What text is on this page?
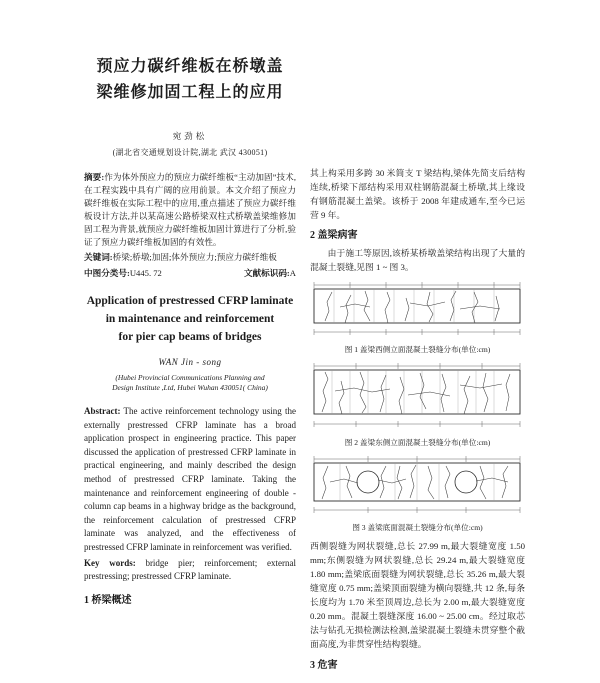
预应力碳纤维板在桥墩盖
梁维修加固工程上的应用
宛劲松
(湖北省交通规划设计院,湖北 武汉 430051)

摘要:作为体外预应力的预应力碳纤维板“主动加固”技术,在工程实践中具有广阔的应用前景。本文介绍了预应力碳纤维板在实际工程中的应用,重点描述了预应力碳纤维板设计方法,并以某高速公路桥梁双柱式桥墩盖梁维修加固工程为背景,就预应力碳纤维板加固计算进行了分析,验证了预应力碳纤维板加固的有效性。

关键词:桥梁;桥墩;加固;体外预应力;预应力碳纤维板

中图分类号:U445. 72	文献标识码:A
Application of prestressed CFRP laminate
in maintenance and reinforcement
for pier cap beams of bridges
WAN Jin - song
(Hubei Provincial Communications Planning and
Design Institute ,Ltd, Hubei Wuhan 430051( China)

Abstract: The active reinforcement technology using the externally prestressed CFRP laminate has a broad application prospect in engineering practice. This paper discussed the application of prestressed CFRP laminate in practical engineering, and mainly described the design method of prestressed CFRP laminate. Taking the maintenance and reinforcement engineering of double - column cap beams in a highway bridge as the background, the reinforcement calculation of prestressed CFRP laminate was analyzed, and the effectiveness of prestressed CFRP laminate in reinforcement was verified.

Key words: bridge pier; reinforcement; external prestressing; prestressed CFRP laminate.

1 桥梁概述

其上构采用多跨 30 米简支 T 梁结构,梁体先简支后结构连续,桥梁下部结构采用双柱钢筋混凝土桥墩,其上缘设有钢筋混凝土盖梁。该桥于 2008 年建成通车,至今已运营 9 年。

2 盖梁病害

由于施工等原因,该桥某桥墩盖梁结构出现了大量的混凝土裂缝,见图 1 ~ 图 3。

图 1 盖梁西侧立面混凝土裂缝分布(单位:cm)
图 2 盖梁东侧立面混凝土裂缝分布(单位:cm)
图 3 盖梁底面混凝土裂缝分布(单位:cm)

西侧裂缝为网状裂缝,总长 27.99 m,最大裂缝宽度 1.50 mm;东侧裂缝为网状裂缝,总长 29.24 m,最大裂缝宽度 1.80 mm;盖梁底面裂缝为网状裂缝,总长 35.26 m,最大裂缝宽度 0.75 mm;盖梁顶面裂缝为横向裂缝,共 12 条,每条长度均为 1.70 米至顶周边,总长为 2.00 m,最大裂缝宽度 0.20 mm。混凝土裂缝深度 16.00 ~ 25.00 cm。经过取芯法与钻孔无损检测法检测,盖梁混凝土裂缝未贯穿整个截面高度,为非贯穿性结构裂缝。

3 危害
